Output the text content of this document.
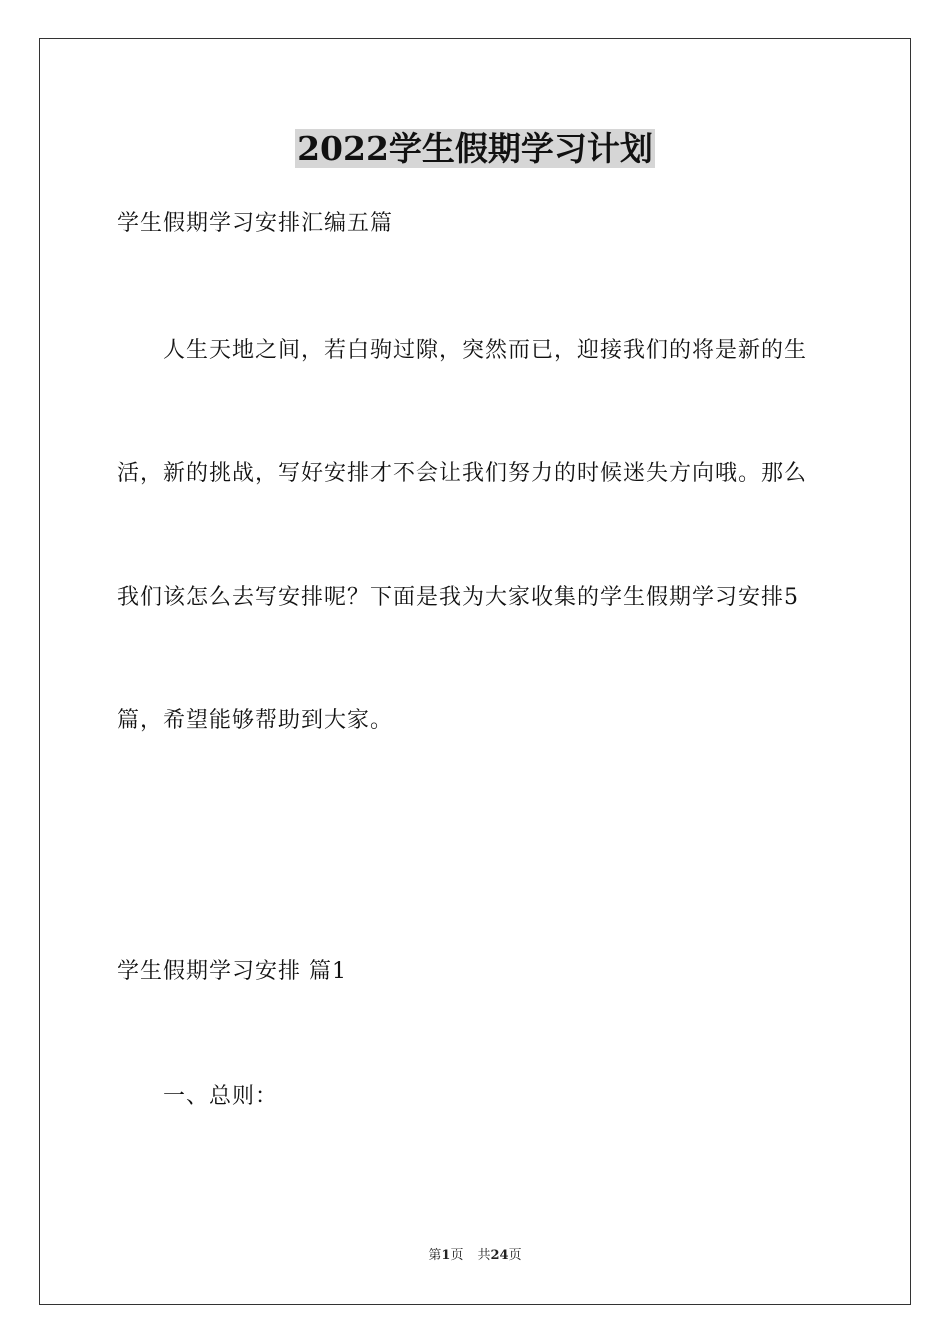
2022学生假期学习计划
学生假期学习安排汇编五篇
人生天地之间，若白驹过隙，突然而已，迎接我们的将是新的生
活，新的挑战，写好安排才不会让我们努力的时候迷失方向哦。那么
我们该怎么去写安排呢？下面是我为大家收集的学生假期学习安排5
篇，希望能够帮助到大家。
学生假期学习安排 篇1
一、总则：
第1页 共24页
